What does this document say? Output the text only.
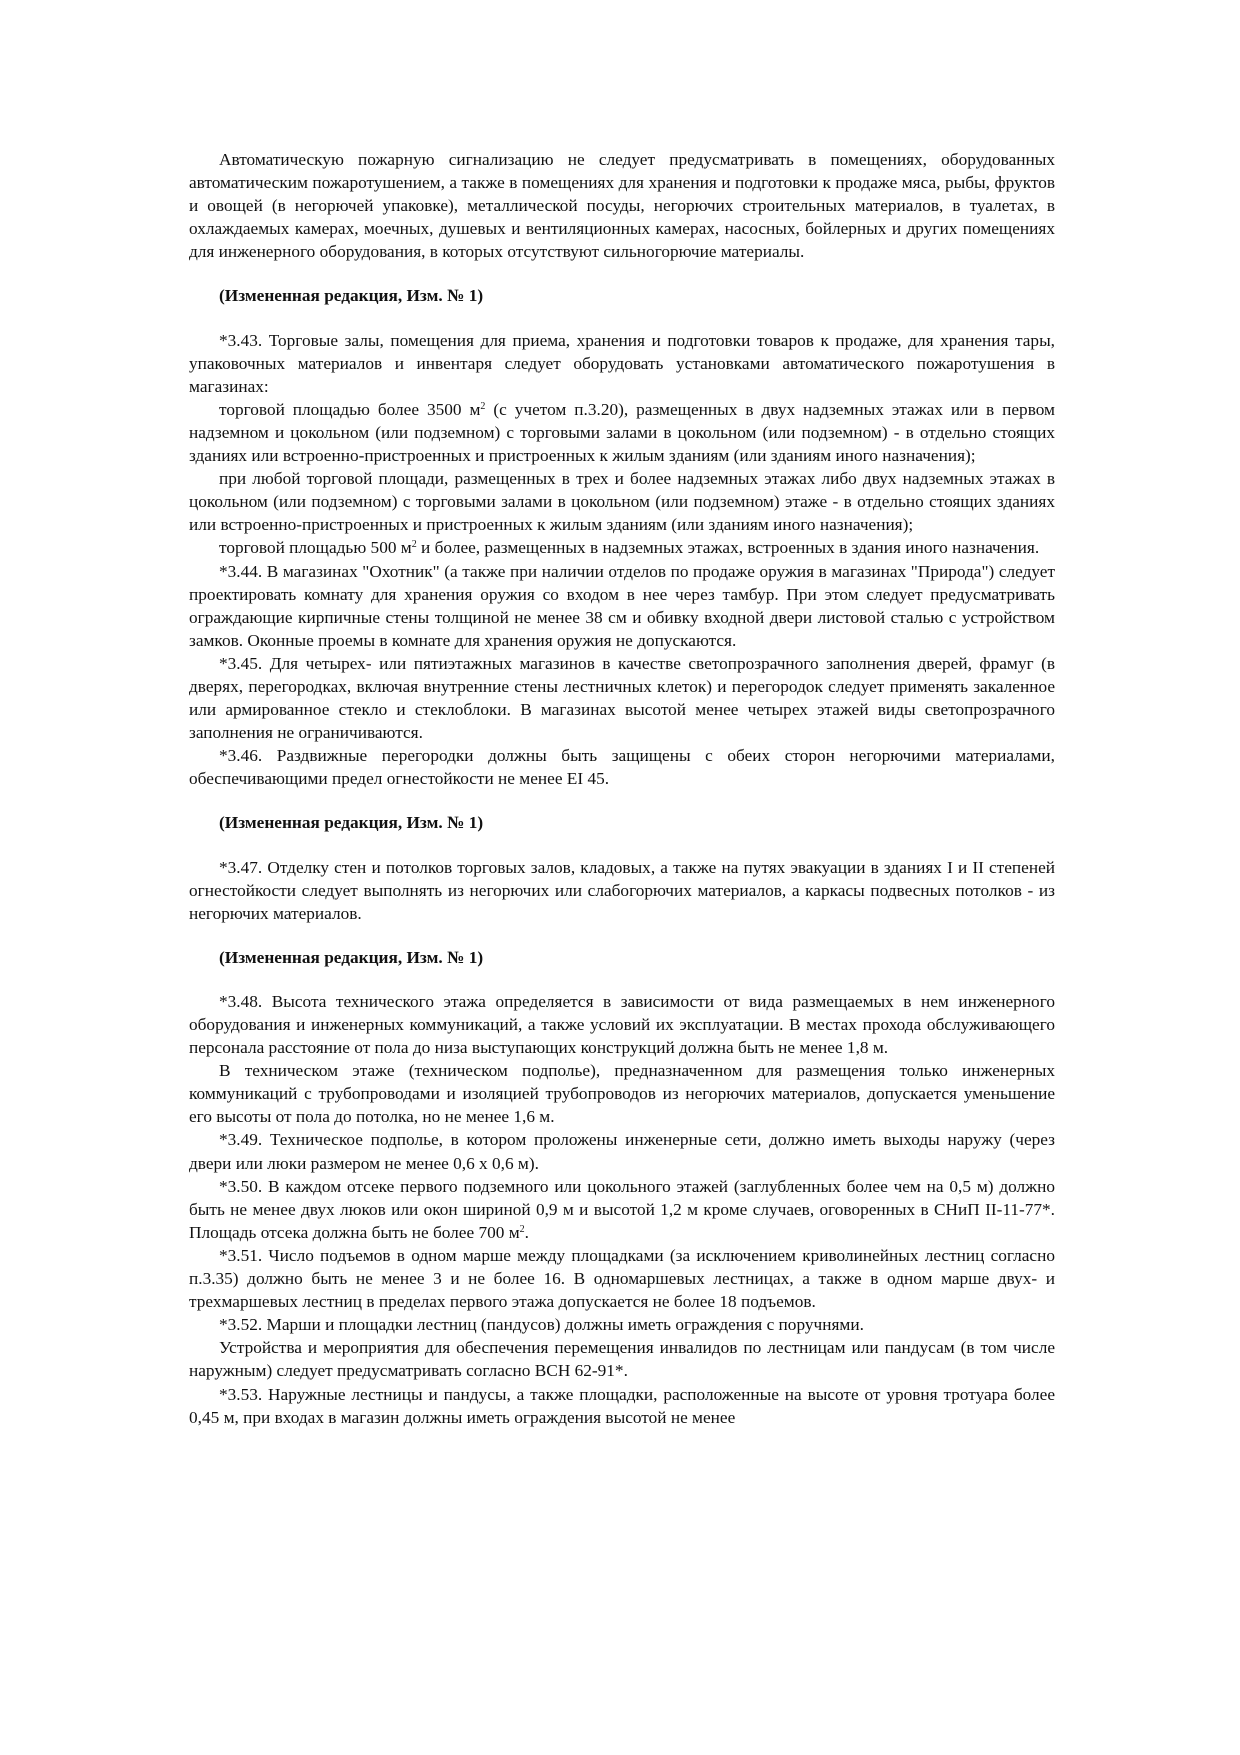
Автоматическую пожарную сигнализацию не следует предусматривать в помещениях, оборудованных автоматическим пожаротушением, а также в помещениях для хранения и подготовки к продаже мяса, рыбы, фруктов и овощей (в негорючей упаковке), металлической посуды, негорючих строительных материалов, в туалетах, в охлаждаемых камерах, моечных, душевых и вентиляционных камерах, насосных, бойлерных и других помещениях для инженерного оборудования, в которых отсутствуют сильногорючие материалы.

(Измененная редакция, Изм. № 1)

*3.43. Торговые залы, помещения для приема, хранения и подготовки товаров к продаже, для хранения тары, упаковочных материалов и инвентаря следует оборудовать установками автоматического пожаротушения в магазинах:

торговой площадью более 3500 $м^2$ (с учетом п.3.20), размещенных в двух надземных этажах или в первом надземном и цокольном (или подземном) с торговыми залами в цокольном (или подземном) - в отдельно стоящих зданиях или встроенно-пристроенных и пристроенных к жилым зданиям (или зданиям иного назначения);

при любой торговой площади, размещенных в трех и более надземных этажах либо двух надземных этажах в цокольном (или подземном) с торговыми залами в цокольном (или подземном) этаже - в отдельно стоящих зданиях или встроенно-пристроенных и пристроенных к жилым зданиям (или зданиям иного назначения);

торговой площадью 500 $м^2$ и более, размещенных в надземных этажах, встроенных в здания иного назначения.

*3.44. В магазинах "Охотник" (а также при наличии отделов по продаже оружия в магазинах "Природа") следует проектировать комнату для хранения оружия со входом в нее через тамбур. При этом следует предусматривать ограждающие кирпичные стены толщиной не менее 38 см и обивку входной двери листовой сталью с устройством замков. Оконные проемы в комнате для хранения оружия не допускаются.

*3.45. Для четырех- или пятиэтажных магазинов в качестве светопрозрачного заполнения дверей, фрамуг (в дверях, перегородках, включая внутренние стены лестничных клеток) и перегородок следует применять закаленное или армированное стекло и стеклоблоки. В магазинах высотой менее четырех этажей виды светопрозрачного заполнения не ограничиваются.

*3.46. Раздвижные перегородки должны быть защищены с обеих сторон негорючими материалами, обеспечивающими предел огнестойкости не менее EI 45.

(Измененная редакция, Изм. № 1)

*3.47. Отделку стен и потолков торговых залов, кладовых, а также на путях эвакуации в зданиях I и II степеней огнестойкости следует выполнять из негорючих или слабогорючих материалов, а каркасы подвесных потолков - из негорючих материалов.

(Измененная редакция, Изм. № 1)

*3.48. Высота технического этажа определяется в зависимости от вида размещаемых в нем инженерного оборудования и инженерных коммуникаций, а также условий их эксплуатации. В местах прохода обслуживающего персонала расстояние от пола до низа выступающих конструкций должна быть не менее 1,8 м.

В техническом этаже (техническом подполье), предназначенном для размещения только инженерных коммуникаций с трубопроводами и изоляцией трубопроводов из негорючих материалов, допускается уменьшение его высоты от пола до потолка, но не менее 1,6 м.

*3.49. Техническое подполье, в котором проложены инженерные сети, должно иметь выходы наружу (через двери или люки размером не менее 0,6 х 0,6 м).

*3.50. В каждом отсеке первого подземного или цокольного этажей (заглубленных более чем на 0,5 м) должно быть не менее двух люков или окон шириной 0,9 м и высотой 1,2 м кроме случаев, оговоренных в СНиП II-11-77*. Площадь отсека должна быть не более 700 $м^2$.

*3.51. Число подъемов в одном марше между площадками (за исключением криволинейных лестниц согласно п.3.35) должно быть не менее 3 и не более 16. В одномаршевых лестницах, а также в одном марше двух- и трехмаршевых лестниц в пределах первого этажа допускается не более 18 подъемов.

*3.52. Марши и площадки лестниц (пандусов) должны иметь ограждения с поручнями.

Устройства и мероприятия для обеспечения перемещения инвалидов по лестницам или пандусам (в том числе наружным) следует предусматривать согласно ВСН 62-91*.

*3.53. Наружные лестницы и пандусы, а также площадки, расположенные на высоте от уровня тротуара более 0,45 м, при входах в магазин должны иметь ограждения высотой не менее
